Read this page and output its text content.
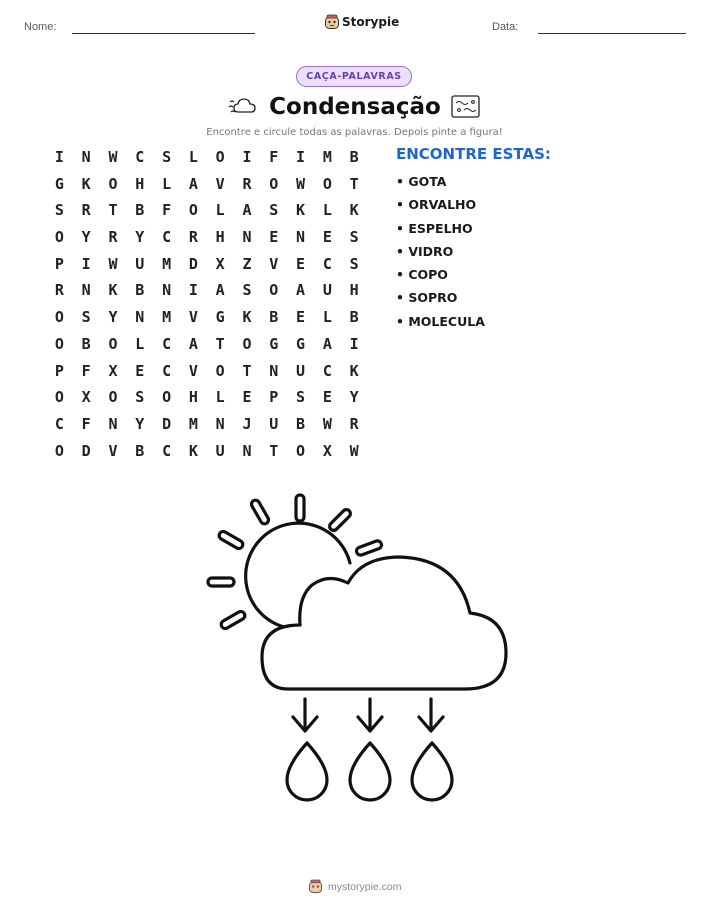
Nome:	Storypie	Data:
CAÇA-PALAVRAS
Condensação
Encontre e circule todas as palavras. Depois pinte a figura!
I	N	W	C	S	L	O	I	F	I	M	B
G	K	O	H	L	A	V	R	O	W	O	T
S	R	T	B	F	O	L	A	S	K	L	K
O	Y	R	Y	C	R	H	N	E	N	E	S
P	I	W	U	M	D	X	Z	V	E	C	S
R	N	K	B	N	I	A	S	O	A	U	H
O	S	Y	N	M	V	G	K	B	E	L	B
O	B	O	L	C	A	T	O	G	G	A	I
P	F	X	E	C	V	O	T	N	U	C	K
O	X	O	S	O	H	L	E	P	S	E	Y
C	F	N	Y	D	M	N	J	U	B	W	R
O	D	V	B	C	K	U	N	T	O	X	W
ENCONTRE ESTAS:
• GOTA
• ORVALHO
• ESPELHO
• VIDRO
• COPO
• SOPRO
• MOLECULA
mystorypie.com
